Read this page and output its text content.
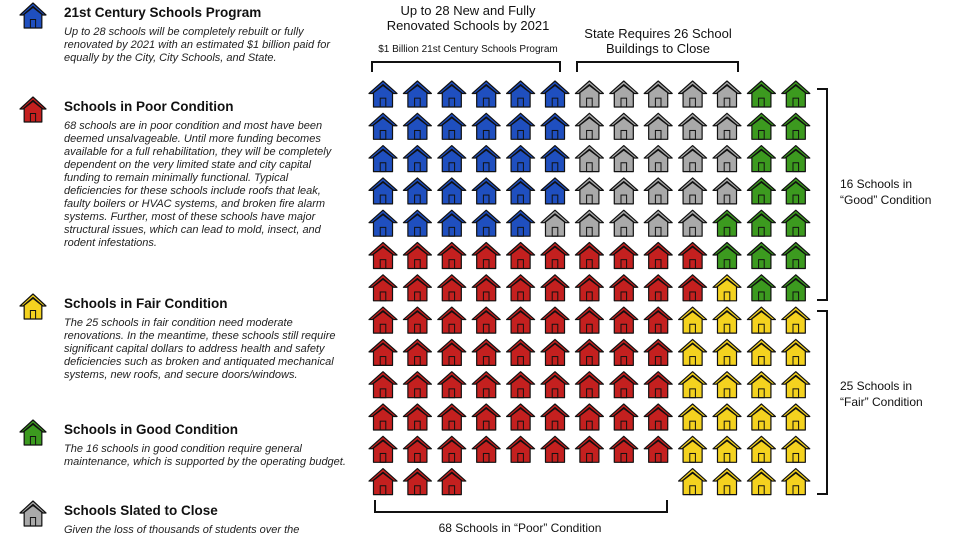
21st Century Schools Program

Up to 28 schools will be completely rebuilt or fully renovated by 2021 with an estimated $1 billion paid for equally by the City, City Schools, and State.

Schools in Poor Condition

68 schools are in poor condition and most have been deemed unsalvageable. Until more funding becomes available for a full rehabilitation, they will be completely dependent on the very limited state and city capital funding to remain minimally functional. Typical deficiencies for these schools include roofs that leak, faulty boilers or HVAC systems, and broken fire alarm systems. Further, most of these schools have major structural issues, which can lead to mold, insect, and rodent infestations.

Schools in Fair Condition

The 25 schools in fair condition need moderate renovations. In the meantime, these schools still require significant capital dollars to address health and safety deficiencies such as broken and antiquated mechanical systems, new roofs, and secure doors/windows.

Schools in Good Condition

The 16 schools in good condition require general maintenance, which is supported by the operating budget.

Schools Slated to Close

Given the loss of thousands of students over the

Up to 28 New and Fully
Renovated Schools by 2021
$1 Billion 21st Century Schools Program
State Requires 26 School
Buildings to Close
16 Schools in
“Good” Condition
25 Schools in
“Fair” Condition
68 Schools in “Poor” Condition
